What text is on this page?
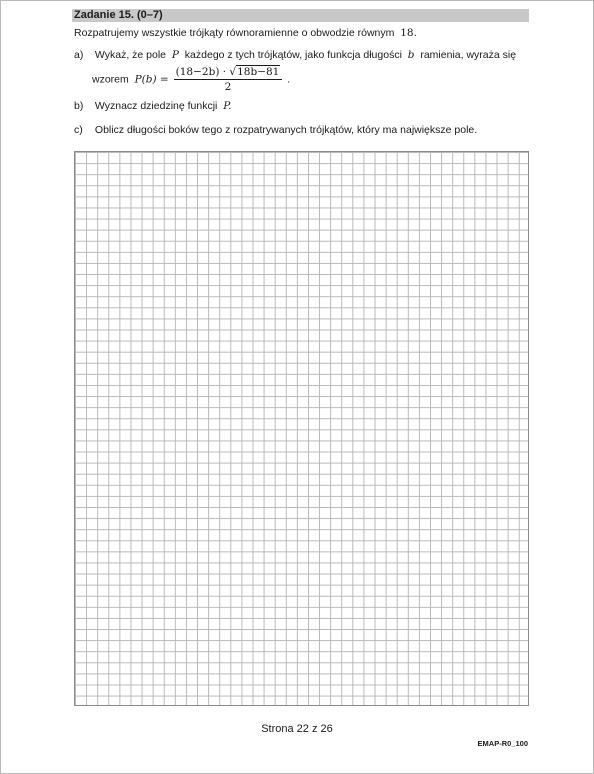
Zadanie 15. (0–7)
Rozpatrujemy wszystkie trójkąty równoramienne o obwodzie równym 18.
a) Wykaż, że pole P każdego z tych trójkątów, jako funkcja długości b ramienia, wyraża się
wzorem $P(b) = \frac{(18-2b) \cdot √18b-81}{2}$ .
b) Wyznacz dziedzinę funkcji P.
c) Oblicz długości boków tego z rozpatrywanych trójkątów, który ma największe pole.
Strona 22 z 26
EMAP-R0_100
